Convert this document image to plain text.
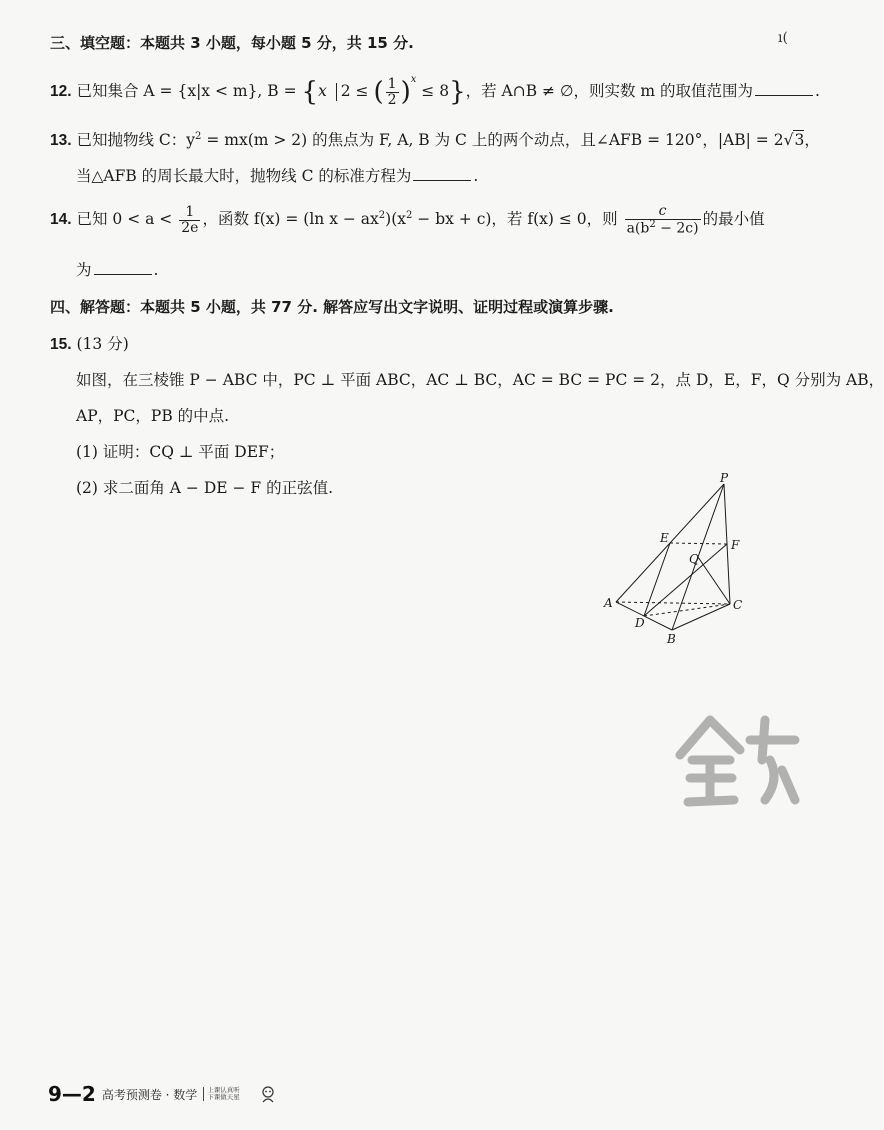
ı(
三、填空题：本题共 3 小题，每小题 5 分，共 15 分.
12. 已知集合 A = {x|x < m}, B = {x 2 ≤ ( $\frac{1}{2} )^x \le 8$}，若 A∩B ≠ ∅，则实数 m 的取值范围为	.
13. 已知抛物线 C：$y^2 = mx(m > 2)$ 的焦点为 F, A, B 为 C 上的两个动点，且∠AFB = 120°，|AB| = 2√3，
当△AFB 的周长最大时，抛物线 C 的标准方程为	.
14. 已知 $0 < a < \frac{1}{2e}$ ，函数 f(x) = (ln $x - ax^2)(x^2$ − bx + c)，若 f(x) ≤ 0，则 $\frac{c}{a(b^2 - 2c)}$ 的最小值
为	.
四、解答题：本题共 5 小题，共 77 分. 解答应写出文字说明、证明过程或演算步骤.
15. (13 分)
如图，在三棱锥 P − ABC 中，PC ⊥ 平面 ABC，AC ⊥ BC，AC = BC = PC = 2，点 D，E，F，Q 分别为 AB，
AP，PC，PB 的中点.
(1) 证明：CQ ⊥ 平面 DEF；
(2) 求二面角 A − DE − F 的正弦值.
P
E	F
Q
A	C
D
B
9—2 高考预测卷 · 数学	上课认真听
下课做天星
